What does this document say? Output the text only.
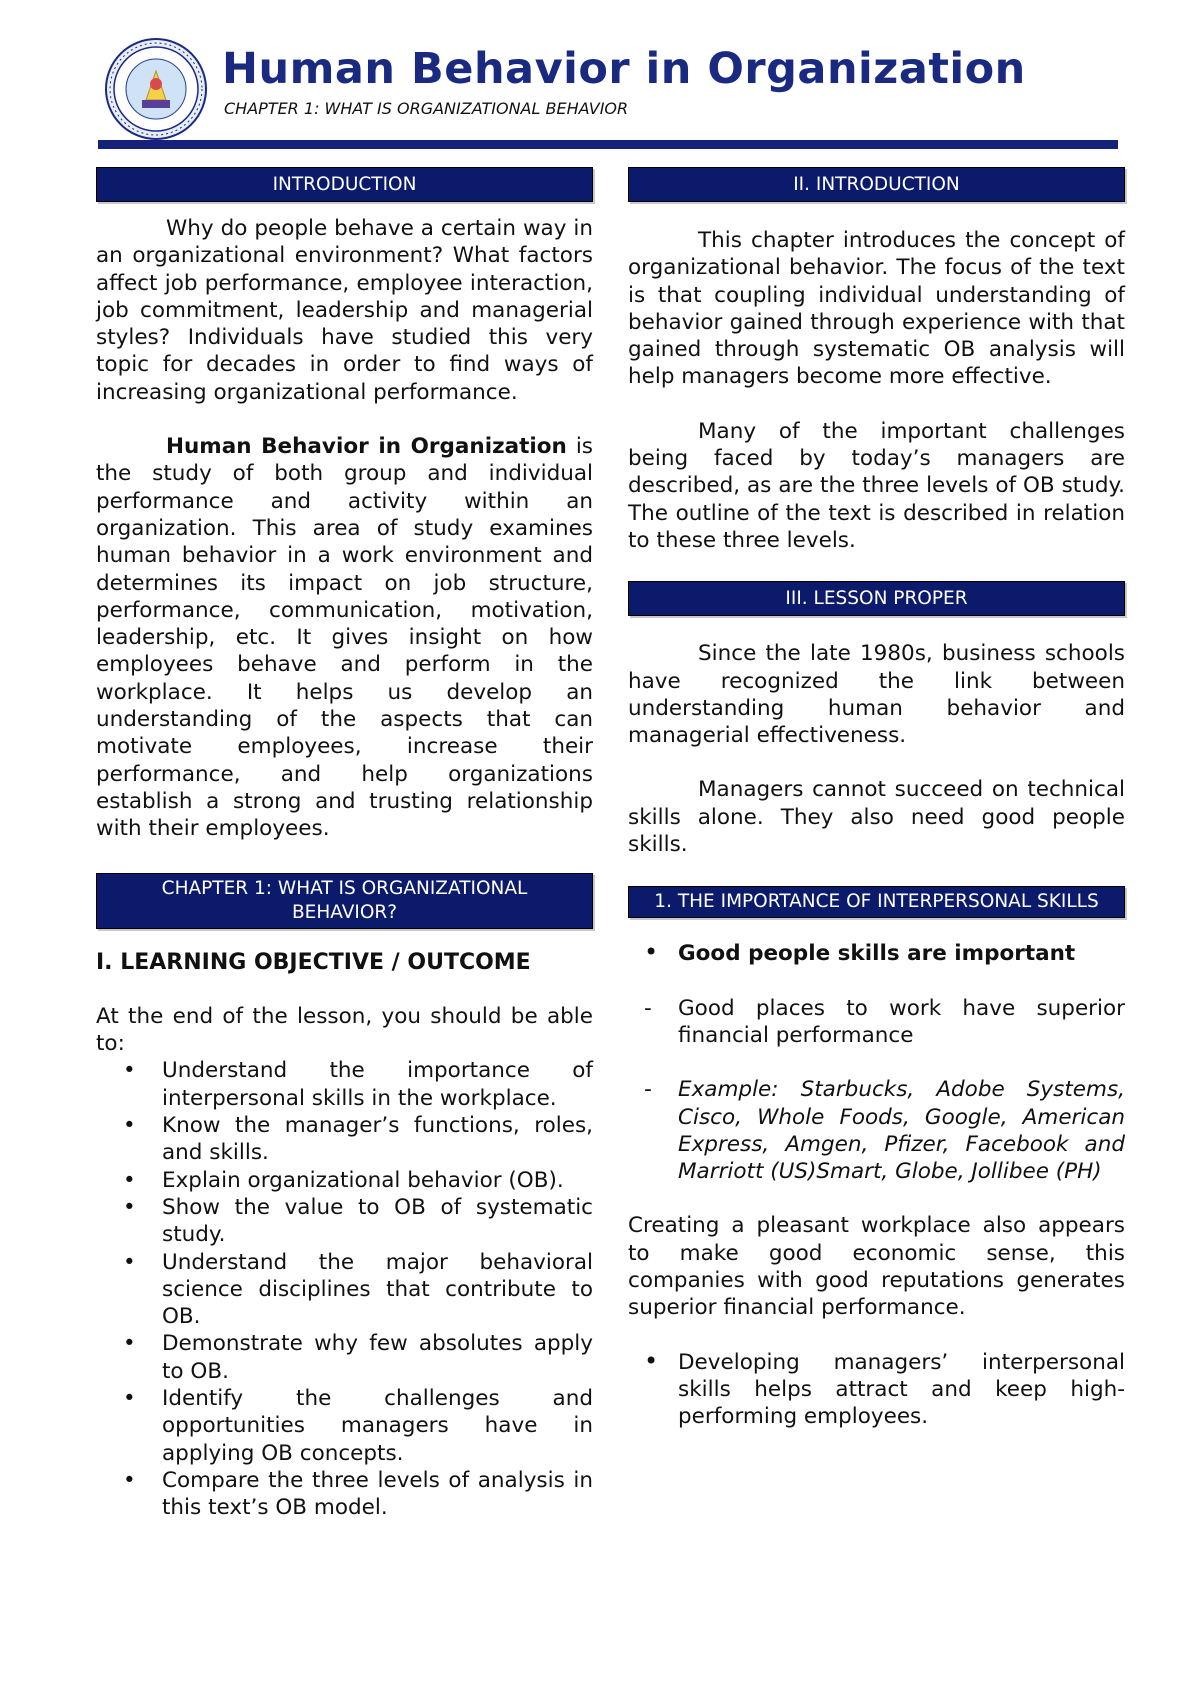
Human Behavior in Organization
CHAPTER 1: WHAT IS ORGANIZATIONAL BEHAVIOR
INTRODUCTION

Why do people behave a certain way in an organizational environment? What factors affect job performance, employee interaction, job commitment, leadership and managerial styles? Individuals have studied this very topic for decades in order to find ways of increasing organizational performance.

Human Behavior in Organization is the study of both group and individual performance and activity within an organization. This area of study examines human behavior in a work environment and determines its impact on job structure, performance, communication, motivation, leadership, etc. It gives insight on how employees behave and perform in the workplace. It helps us develop an understanding of the aspects that can motivate employees, increase their performance, and help organizations establish a strong and trusting relationship with their employees.

CHAPTER 1: WHAT IS ORGANIZATIONAL BEHAVIOR?
I. LEARNING OBJECTIVE / OUTCOME

At the end of the lesson, you should be able to:

• Understand the importance of interpersonal skills in the workplace.
• Know the manager’s functions, roles, and skills.
• Explain organizational behavior (OB).
• Show the value to OB of systematic study.
• Understand the major behavioral science disciplines that contribute to OB.
• Demonstrate why few absolutes apply to OB.
• Identify the challenges and opportunities managers have in applying OB concepts.
• Compare the three levels of analysis in this text’s OB model.
II. INTRODUCTION

This chapter introduces the concept of organizational behavior. The focus of the text is that coupling individual understanding of behavior gained through experience with that gained through systematic OB analysis will help managers become more effective.

Many of the important challenges being faced by today’s managers are described, as are the three levels of OB study. The outline of the text is described in relation to these three levels.

III. LESSON PROPER

Since the late 1980s, business schools have recognized the link between understanding human behavior and managerial effectiveness.

Managers cannot succeed on technical skills alone. They also need good people skills.

1. THE IMPORTANCE OF INTERPERSONAL SKILLS
• Good people skills are important
- Good places to work have superior financial performance
- Example: Starbucks, Adobe Systems, Cisco, Whole Foods, Google, American Express, Amgen, Pfizer, Facebook and Marriott (US)Smart, Globe, Jollibee (PH)

Creating a pleasant workplace also appears to make good economic sense, this companies with good reputations generates superior financial performance.

• Developing managers’ interpersonal skills helps attract and keep high-performing employees.
